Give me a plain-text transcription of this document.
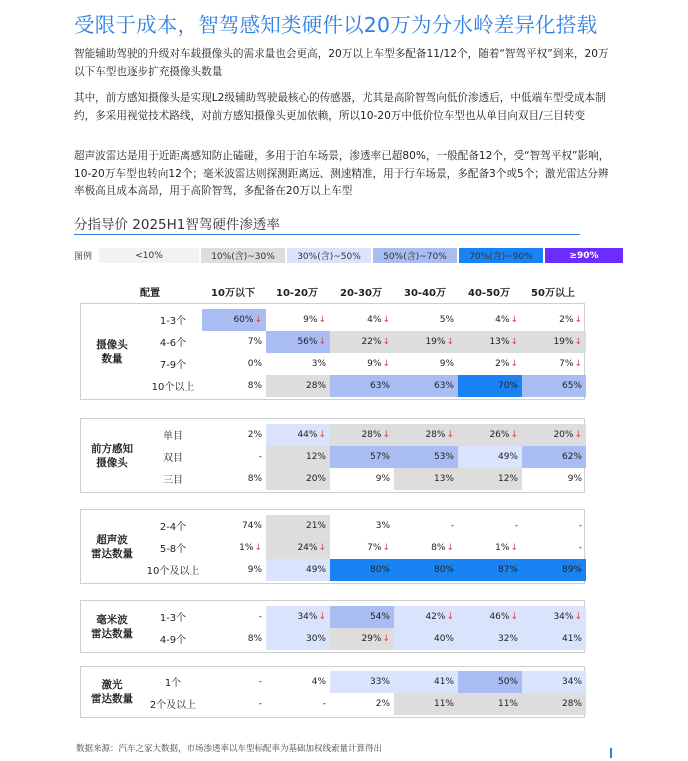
受限于成本，智驾感知类硬件以20万为分水岭差异化搭载
智能辅助驾驶的升级对车载摄像头的需求量也会更高，20万以上车型多配备11/12个，随着“智驾平权”到来，20万以下车型也逐步扩充摄像头数量
其中，前方感知摄像头是实现L2级辅助驾驶最核心的传感器，尤其是高阶智驾向低价渗透后，中低端车型受成本制约，多采用视觉技术路线，对前方感知摄像头更加依赖，所以10-20万中低价位车型也从单目向双目/三目转变
超声波雷达是用于近距离感知防止磕碰，多用于泊车场景，渗透率已超80%，一般配备12个，受“智驾平权”影响，10-20万车型也转向12个；毫米波雷达则探测距离远、测速精准，用于行车场景，多配备3个或5个；激光雷达分辨率极高且成本高昂，用于高阶智驾，多配备在20万以上车型
分指导价 2025H1智驾硬件渗透率
图例	<10%	10%(含)~30%	30%(含)~50%	50%(含)~70%	70%(含)~90%	≥90%
配置	10万以下	10-20万	20-30万	30-40万	40-50万	50万以上
摄像头
数量
1-3个	60%↓	9%↓	4%↓	5%	4%↓	2%↓
4-6个	7%	56%↓	22%↓	19%↓	13%↓	19%↓
7-9个	0%	3%	9%↓	9%	2%↓	7%↓
10个以上	8%	28%	63%	63%	70%	65%
前方感知
摄像头
单目	2%	44%↓	28%↓	28%↓	26%↓	20%↓
双目	-	12%	57%	53%	49%	62%
三目	8%	20%	9%	13%	12%	9%
超声波
雷达数量
2-4个	74%	21%	3%	-	-	-
5-8个	1%↓	24%↓	7%↓	8%↓	1%↓	-
10个及以上	9%	49%	80%	80%	87%	89%
毫米波
雷达数量
1-3个	-	34%↓	54%	42%↓	46%↓	34%↓
4-9个	8%	30%	29%↓	40%	32%	41%
激光
雷达数量
1个	-	4%	33%	41%	50%	34%
2个及以上	-	-	2%	11%	11%	28%
数据来源：汽车之家大数据，市场渗透率以车型标配率为基础加权线索量计算得出
